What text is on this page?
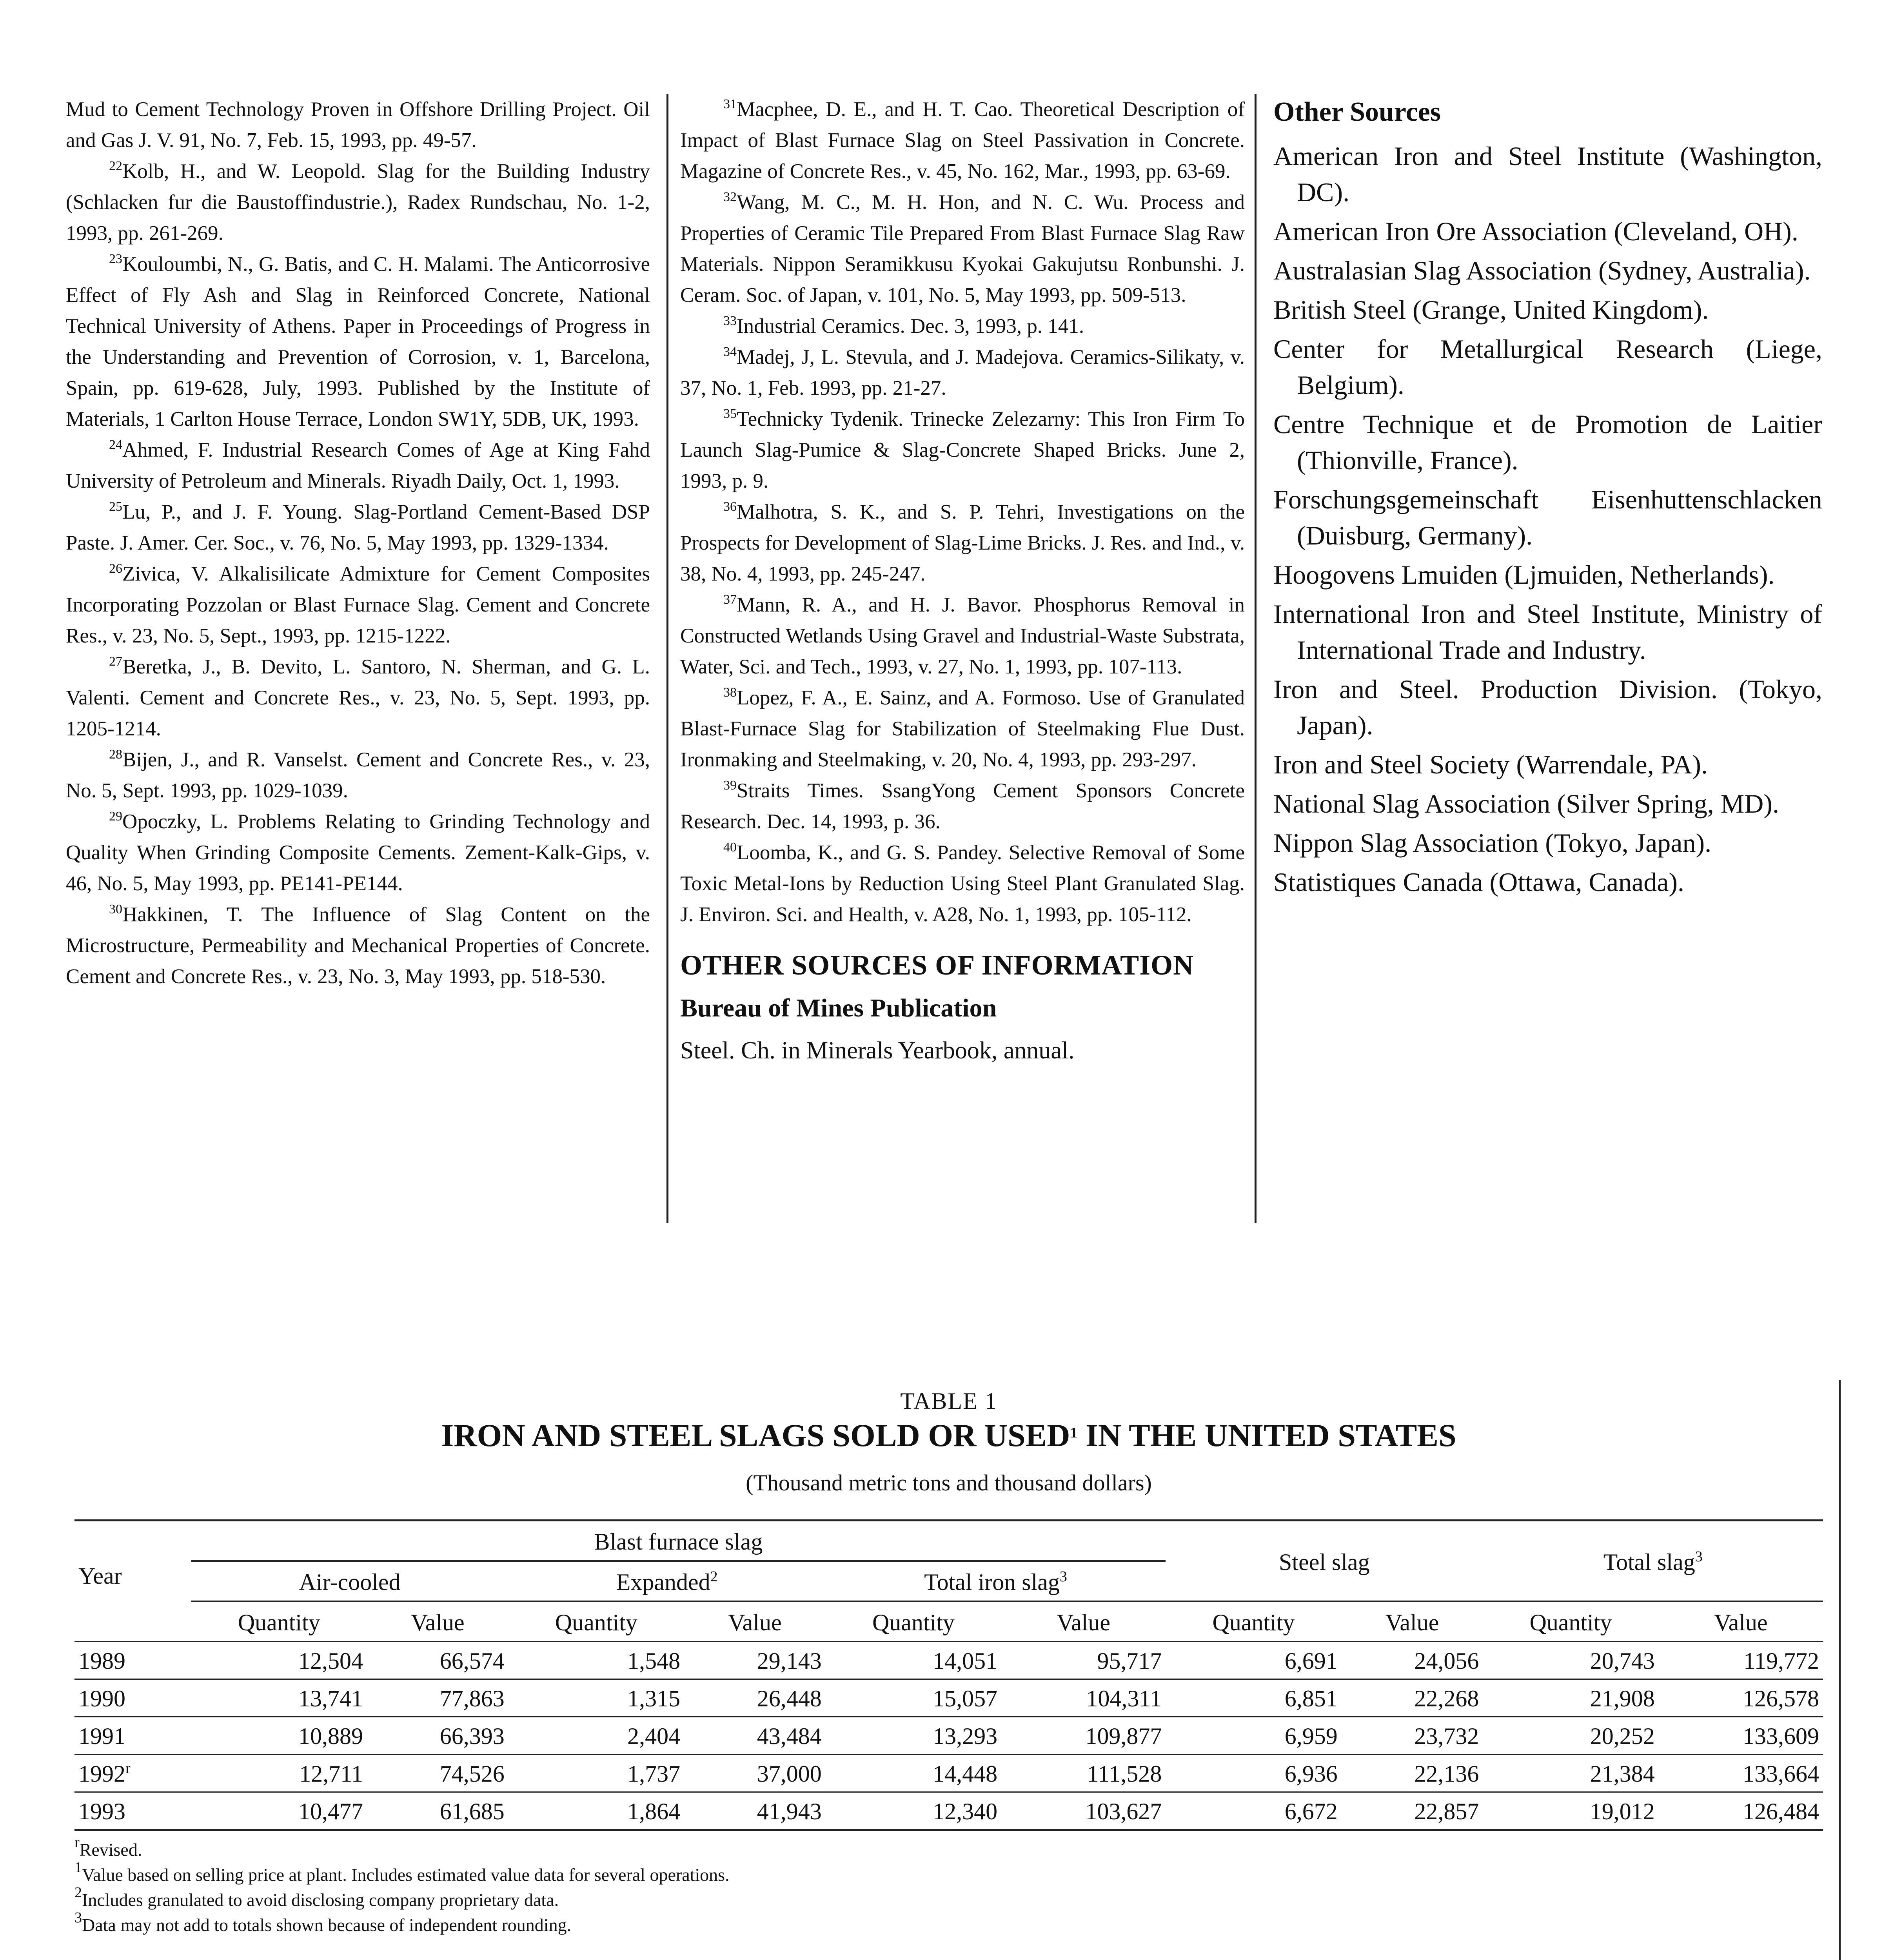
Mud to Cement Technology Proven in Offshore Drilling Project. Oil and Gas J. V. 91, No. 7, Feb. 15, 1993, pp. 49-57.

$^{22}$Kolb, H., and W. Leopold. Slag for the Building Industry (Schlacken fur die Baustoffindustrie.), Radex Rundschau, No. 1-2, 1993, pp. 261-269.

$^{23}$Kouloumbi, N., G. Batis, and C. H. Malami. The Anticorrosive Effect of Fly Ash and Slag in Reinforced Concrete, National Technical University of Athens. Paper in Proceedings of Progress in the Understanding and Prevention of Corrosion, v. 1, Barcelona, Spain, pp. 619-628, July, 1993. Published by the Institute of Materials, 1 Carlton House Terrace, London SW1Y, 5DB, UK, 1993.

$^{24}$Ahmed, F. Industrial Research Comes of Age at King Fahd University of Petroleum and Minerals. Riyadh Daily, Oct. 1, 1993.

$^{25}$Lu, P., and J. F. Young. Slag-Portland Cement-Based DSP Paste. J. Amer. Cer. Soc., v. 76, No. 5, May 1993, pp. 1329-1334.

$^{26}$Zivica, V. Alkalisilicate Admixture for Cement Composites Incorporating Pozzolan or Blast Furnace Slag. Cement and Concrete Res., v. 23, No. 5, Sept., 1993, pp. 1215-1222.

$^{27}$Beretka, J., B. Devito, L. Santoro, N. Sherman, and G. L. Valenti. Cement and Concrete Res., v. 23, No. 5, Sept. 1993, pp. 1205-1214.

$^{28}$Bijen, J., and R. Vanselst. Cement and Concrete Res., v. 23, No. 5, Sept. 1993, pp. 1029-1039.

$^{29}$Opoczky, L. Problems Relating to Grinding Technology and Quality When Grinding Composite Cements. Zement-Kalk-Gips, v. 46, No. 5, May 1993, pp. PE141-PE144.

$^{30}$Hakkinen, T. The Influence of Slag Content on the Microstructure, Permeability and Mechanical Properties of Concrete. Cement and Concrete Res., v. 23, No. 3, May 1993, pp. 518-530.

$^{31}$Macphee, D. E., and H. T. Cao. Theoretical Description of Impact of Blast Furnace Slag on Steel Passivation in Concrete. Magazine of Concrete Res., v. 45, No. 162, Mar., 1993, pp. 63-69.

$^{32}$Wang, M. C., M. H. Hon, and N. C. Wu. Process and Properties of Ceramic Tile Prepared From Blast Furnace Slag Raw Materials. Nippon Seramikkusu Kyokai Gakujutsu Ronbunshi. J. Ceram. Soc. of Japan, v. 101, No. 5, May 1993, pp. 509-513.

$^{33}$Industrial Ceramics. Dec. 3, 1993, p. 141.

$^{34}$Madej, J, L. Stevula, and J. Madejova. Ceramics-Silikaty, v. 37, No. 1, Feb. 1993, pp. 21-27.

$^{35}$Technicky Tydenik. Trinecke Zelezarny: This Iron Firm To Launch Slag-Pumice & Slag-Concrete Shaped Bricks. June 2, 1993, p. 9.

$^{36}$Malhotra, S. K., and S. P. Tehri, Investigations on the Prospects for Development of Slag-Lime Bricks. J. Res. and Ind., v. 38, No. 4, 1993, pp. 245-247.

$^{37}$Mann, R. A., and H. J. Bavor. Phosphorus Removal in Constructed Wetlands Using Gravel and Industrial-Waste Substrata, Water, Sci. and Tech., 1993, v. 27, No. 1, 1993, pp. 107-113.

$^{38}$Lopez, F. A., E. Sainz, and A. Formoso. Use of Granulated Blast-Furnace Slag for Stabilization of Steelmaking Flue Dust. Ironmaking and Steelmaking, v. 20, No. 4, 1993, pp. 293-297.

$^{39}$Straits Times. SsangYong Cement Sponsors Concrete Research. Dec. 14, 1993, p. 36.

$^{40}$Loomba, K., and G. S. Pandey. Selective Removal of Some Toxic Metal-Ions by Reduction Using Steel Plant Granulated Slag. J. Environ. Sci. and Health, v. A28, No. 1, 1993, pp. 105-112.

OTHER SOURCES OF INFORMATION
Bureau of Mines Publication

Steel. Ch. in Minerals Yearbook, annual.

Other Sources

American Iron and Steel Institute (Washington, DC).

American Iron Ore Association (Cleveland, OH).

Australasian Slag Association (Sydney, Australia).

British Steel (Grange, United Kingdom).

Center for Metallurgical Research (Liege, Belgium).

Centre Technique et de Promotion de Laitier (Thionville, France).

Forschungsgemeinschaft Eisenhuttenschlacken (Duisburg, Germany).

Hoogovens Lmuiden (Ljmuiden, Netherlands).

International Iron and Steel Institute, Ministry of International Trade and Industry.

Iron and Steel. Production Division. (Tokyo, Japan).

Iron and Steel Society (Warrendale, PA).

National Slag Association (Silver Spring, MD).

Nippon Slag Association (Tokyo, Japan).

Statistiques Canada (Ottawa, Canada).

TABLE 1
IRON AND STEEL SLAGS SOLD OR USED$^1$ IN THE UNITED STATES
(Thousand metric tons and thousand dollars)
Year	Blast furnace slag						Steel slag		Total slag$^3$
	Air-cooled		Expanded$^2$		Total iron slag$^3$
	Quantity	Value	Quantity	Value	Quantity	Value	Quantity	Value	Quantity	Value
1989	12,504	66,574	1,548	29,143	14,051	95,717	6,691	24,056	20,743	119,772
1990	13,741	77,863	1,315	26,448	15,057	104,311	6,851	22,268	21,908	126,578
1991	10,889	66,393	2,404	43,484	13,293	109,877	6,959	23,732	20,252	133,609
1992$^r$	12,711	74,526	1,737	37,000	14,448	111,528	6,936	22,136	21,384	133,664
1993	10,477	61,685	1,864	41,943	12,340	103,627	6,672	22,857	19,012	126,484

$^r$Revised.

$^1$Value based on selling price at plant. Includes estimated value data for several operations.

$^2$Includes granulated to avoid disclosing company proprietary data.

$^3$Data may not add to totals shown because of independent rounding.
